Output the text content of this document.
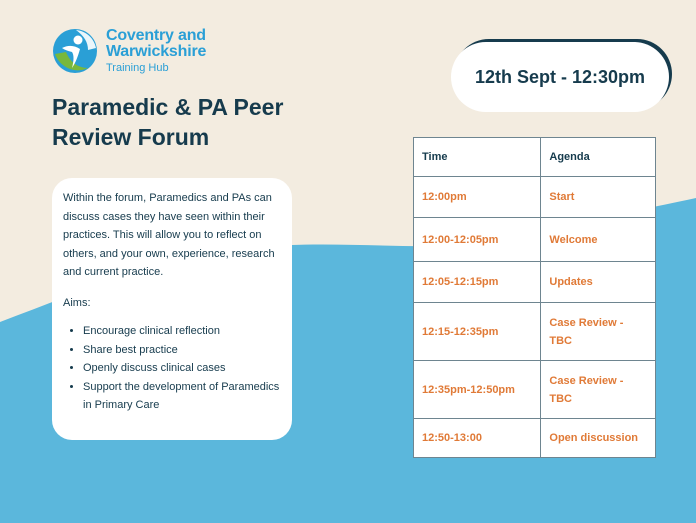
Coventry and
Warwickshire
Training Hub
Paramedic & PA Peer Review Forum
12th Sept - 12:30pm

Within the forum, Paramedics and PAs can discuss cases they have seen within their practices. This will allow you to reflect on others, and your own, experience, research and current practice.

Aims:

• Encourage clinical reflection
• Share best practice
• Openly discuss clinical cases
• Support the development of Paramedics in Primary Care
Time	Agenda
12:00pm	Start
12:00-12:05pm	Welcome
12:05-12:15pm	Updates
12:15-12:35pm	Case Review - TBC
12:35pm-12:50pm	Case Review - TBC
12:50-13:00	Open discussion
